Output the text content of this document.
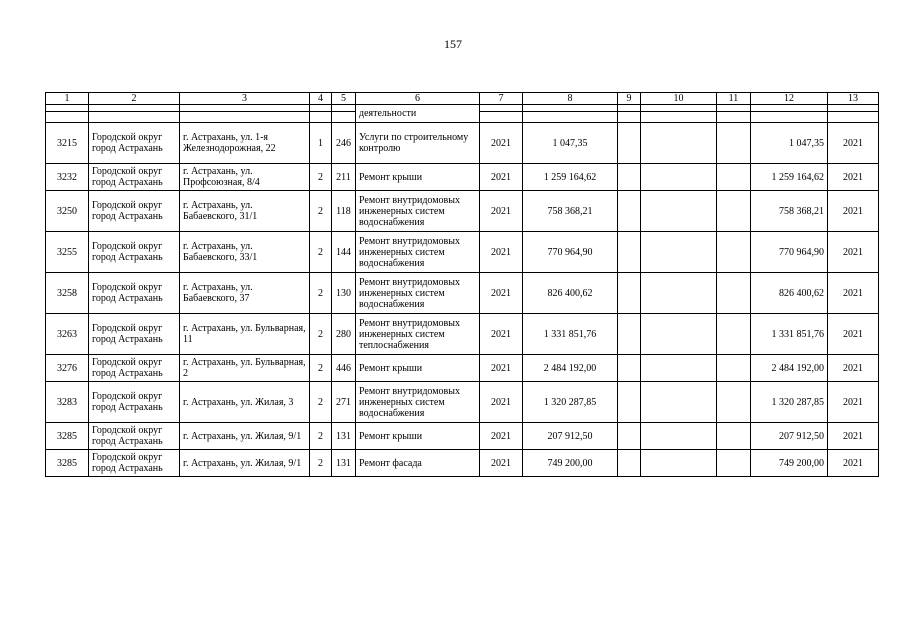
157
1	2	3	4	5	6	7	8	9	10	11	12	13
					деятельности							

3215	Городской округ город Астрахань	г. Астрахань, ул. 1-я Железнодорожная, 22	1	246	Услуги по строительному контролю	2021	1 047,35				1 047,35	2021
3232	Городской округ город Астрахань	г. Астрахань, ул. Профсоюзная, 8/4	2	211	Ремонт крыши	2021	1 259 164,62				1 259 164,62	2021
3250	Городской округ город Астрахань	г. Астрахань, ул. Бабаевского, 31/1	2	118	Ремонт внутридомовых инженерных систем водоснабжения	2021	758 368,21				758 368,21	2021
3255	Городской округ город Астрахань	г. Астрахань, ул. Бабаевского, 33/1	2	144	Ремонт внутридомовых инженерных систем водоснабжения	2021	770 964,90				770 964,90	2021
3258	Городской округ город Астрахань	г. Астрахань, ул. Бабаевского, 37	2	130	Ремонт внутридомовых инженерных систем водоснабжения	2021	826 400,62				826 400,62	2021
3263	Городской округ город Астрахань	г. Астрахань, ул. Бульварная, 11	2	280	Ремонт внутридомовых инженерных систем теплоснабжения	2021	1 331 851,76				1 331 851,76	2021
3276	Городской округ город Астрахань	г. Астрахань, ул. Бульварная, 2	2	446	Ремонт крыши	2021	2 484 192,00				2 484 192,00	2021
3283	Городской округ город Астрахань	г. Астрахань, ул. Жилая, 3	2	271	Ремонт внутридомовых инженерных систем водоснабжения	2021	1 320 287,85				1 320 287,85	2021
3285	Городской округ город Астрахань	г. Астрахань, ул. Жилая, 9/1	2	131	Ремонт крыши	2021	207 912,50				207 912,50	2021
3285	Городской округ город Астрахань	г. Астрахань, ул. Жилая, 9/1	2	131	Ремонт фасада	2021	749 200,00				749 200,00	2021
